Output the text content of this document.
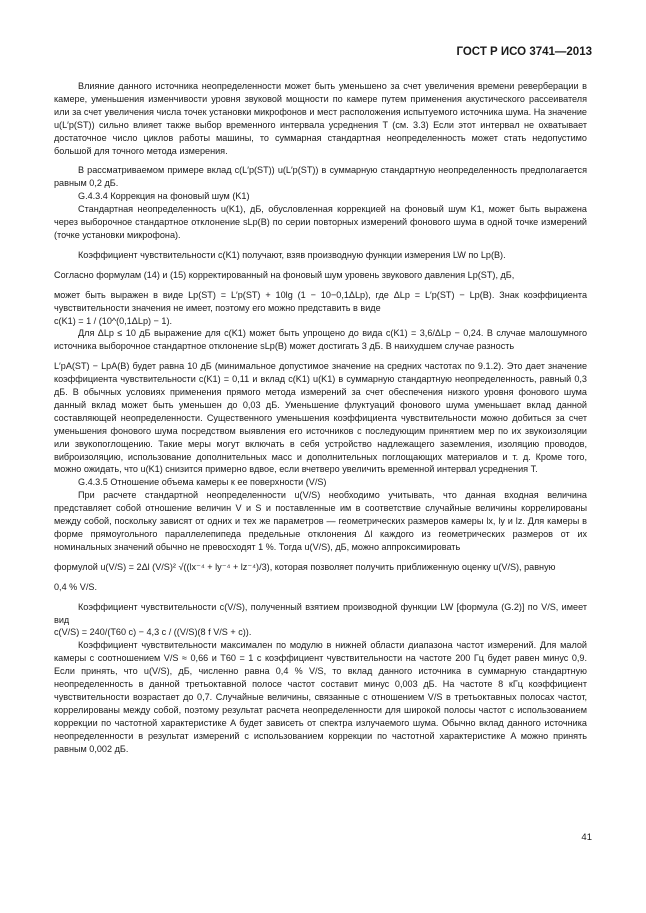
ГОСТ Р ИСО 3741—2013

Влияние данного источника неопределенности может быть уменьшено за счет увеличения времени реверберации в камере, уменьшения изменчивости уровня звуковой мощности по камере путем применения акустического рассеивателя или за счет увеличения числа точек установки микрофонов и мест расположения испытуемого источника шума. На значение u(L′p(ST)) сильно влияет также выбор временного интервала усреднения T (см. 3.3) Если этот интервал не охватывает достаточное число циклов работы машины, то суммарная стандартная неопределенность может стать недопустимо большой для точного метода измерения.

В рассматриваемом примере вклад c(L′p(ST)) u(L′p(ST)) в суммарную стандартную неопределенность предполагается равным 0,2 дБ.

G.4.3.4 Коррекция на фоновый шум (K1)

Стандартная неопределенность u(K1), дБ, обусловленная коррекцией на фоновый шум K1, может быть выражена через выборочное стандартное отклонение sLp(B) по серии повторных измерений фонового шума в одной точке измерений (точке установки микрофона).

Коэффициент чувствительности c(K1) получают, взяв производную функции измерения LW по Lp(B).

Согласно формулам (14) и (15) корректированный на фоновый шум уровень звукового давления Lp(ST), дБ,

может быть выражен в виде Lp(ST) = L′p(ST) + 10lg (1 − 10−0,1ΔLp), где ΔLp = L′p(ST) − Lp(B). Знак коэффициента чувствительности значения не имеет, поэтому его можно представить в виде

c(K1) = 1 / (10^(0,1ΔLp) − 1).

Для ΔLp ≤ 10 дБ выражение для c(K1) может быть упрощено до вида c(K1) = 3,6/ΔLp − 0,24. В случае малошумного источника выборочное стандартное отклонение sLp(B) может достигать 3 дБ. В наихудшем случае разность

L′pA(ST) − LpA(B) будет равна 10 дБ (минимальное допустимое значение на средних частотах по 9.1.2). Это дает значение коэффициента чувствительности c(K1) = 0,11 и вклад c(K1) u(K1) в суммарную стандартную неопределенность, равный 0,3 дБ. В обычных условиях применения прямого метода измерений за счет обеспечения низкого уровня фонового шума данный вклад может быть уменьшен до 0,03 дБ. Уменьшение флуктуаций фонового шума уменьшает вклад данной составляющей неопределенности. Существенного уменьшения коэффициента чувствительности можно добиться за счет уменьшения фонового шума посредством выявления его источников с последующим принятием мер по их звукоизоляции или звукопоглощению. Такие меры могут включать в себя устройство надлежащего заземления, изоляцию проводов, виброизоляцию, использование дополнительных масс и дополнительных поглощающих материалов и т. д. Кроме того, можно ожидать, что u(K1) снизится примерно вдвое, если вчетверо увеличить временной интервал усреднения T.

G.4.3.5 Отношение объема камеры к ее поверхности (V/S)

При расчете стандартной неопределенности u(V/S) необходимо учитывать, что данная входная величина представляет собой отношение величин V и S и поставленные им в соответствие случайные величины коррелированы между собой, поскольку зависят от одних и тех же параметров — геометрических размеров камеры lx, ly и lz. Для камеры в форме прямоугольного параллелепипеда предельные отклонения Δl каждого из геометрических размеров от их номинальных значений обычно не превосходят 1 %. Тогда u(V/S), дБ, можно аппроксимировать

формулой u(V/S) = 2Δl (V/S)² √((lx⁻⁴ + ly⁻⁴ + lz⁻⁴)/3), которая позволяет получить приближенную оценку u(V/S), равную

0,4 % V/S.

Коэффициент чувствительности c(V/S), полученный взятием производной функции LW [формула (G.2)] по V/S, имеет вид

c(V/S) = 240/(T60 c) − 4,3 c / ((V/S)(8 f V/S + c)).

Коэффициент чувствительности максимален по модулю в нижней области диапазона частот измерений. Для малой камеры с соотношением V/S ≈ 0,66 и T60 = 1 с коэффициент чувствительности на частоте 200 Гц будет равен минус 0,9. Если принять, что u(V/S), дБ, численно равна 0,4 % V/S, то вклад данного источника в суммарную стандартную неопределенность в данной третьоктавной полосе частот составит минус 0,003 дБ. На частоте 8 кГц коэффициент чувствительности возрастает до 0,7. Случайные величины, связанные с отношением V/S в третьоктавных полосах частот, коррелированы между собой, поэтому результат расчета неопределенности для широкой полосы частот с использованием коррекции по частотной характеристике A будет зависеть от спектра излучаемого шума. Обычно вклад данного источника неопределенности в результат измерений с использованием коррекции по частотной характеристике A можно принять равным 0,002 дБ.

41
